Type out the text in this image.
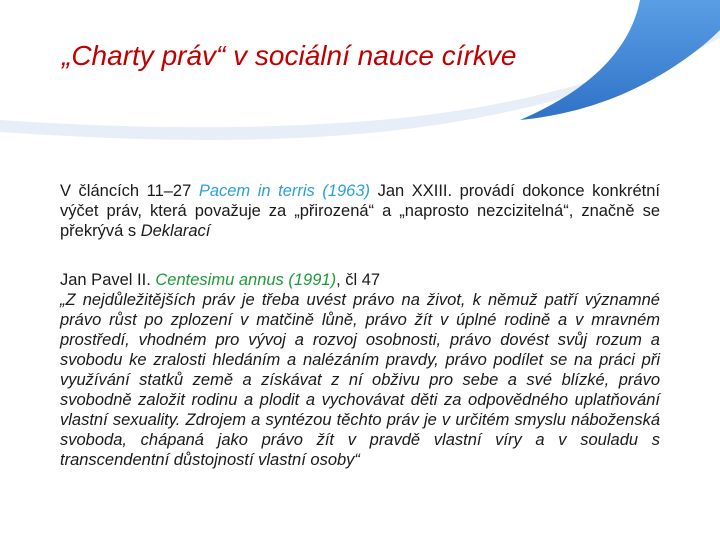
„Charty práv“ v sociální nauce církve
V článcích 11–27 Pacem in terris (1963) Jan XXIII. provádí dokonce konkrétní výčet práv, která považuje za „přirozená“ a „naprosto nezcizitelná“, značně se překrývá s Deklarací
Jan Pavel II. Centesimu annus (1991), čl 47
„Z nejdůležitějších práv je třeba uvést právo na život, k němuž patří významné právo růst po zplození v matčině lůně, právo žít v úplné rodině a v mravném prostředí, vhodném pro vývoj a rozvoj osobnosti, právo dovést svůj rozum a svobodu ke zralosti hledáním a nalézáním pravdy, právo podílet se na práci při využívání statků země a získávat z ní obživu pro sebe a své blízké, právo svobodně založit rodinu a plodit a vychovávat děti za odpovědného uplatňování vlastní sexuality. Zdrojem a syntézou těchto práv je v určitém smyslu náboženská svoboda, chápaná jako právo žít v pravdě vlastní víry a v souladu s transcendentní důstojností vlastní osoby“
